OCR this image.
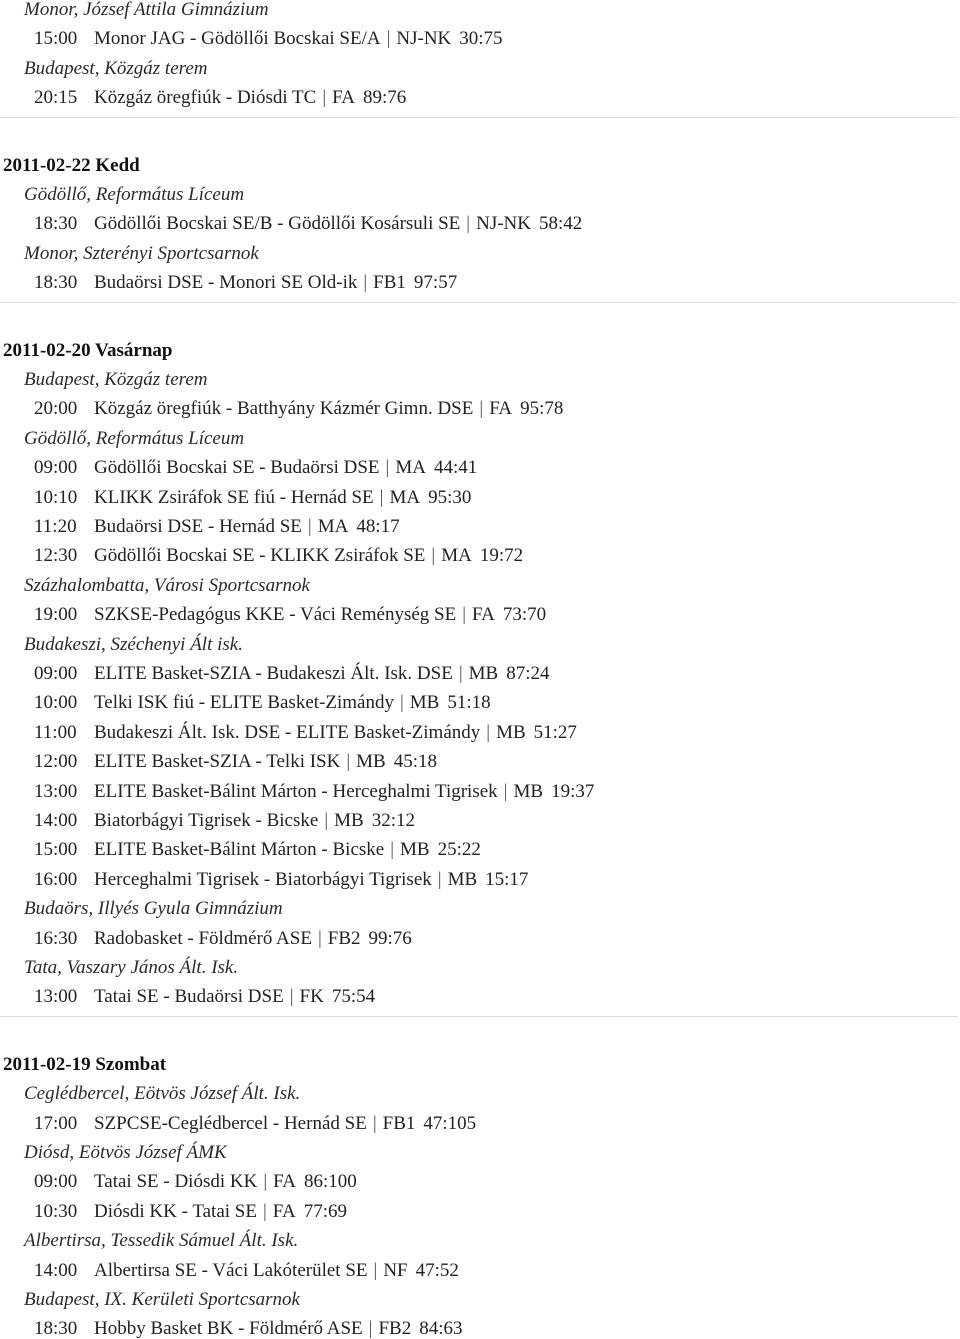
Monor, József Attila Gimnázium
15:00 Monor JAG - Gödöllői Bocskai SE/A | NJ-NK 30:75
Budapest, Közgáz terem
20:15 Közgáz öregfiúk - Diósdi TC | FA 89:76
2011-02-22 Kedd
Gödöllő, Református Líceum
18:30 Gödöllői Bocskai SE/B - Gödöllői Kosársuli SE | NJ-NK 58:42
Monor, Szterényi Sportcsarnok
18:30 Budaörsi DSE - Monori SE Old-ik | FB1 97:57
2011-02-20 Vasárnap
Budapest, Közgáz terem
20:00 Közgáz öregfiúk - Batthyány Kázmér Gimn. DSE | FA 95:78
Gödöllő, Református Líceum
09:00 Gödöllői Bocskai SE - Budaörsi DSE | MA 44:41
10:10 KLIKK Zsiráfok SE fiú - Hernád SE | MA 95:30
11:20 Budaörsi DSE - Hernád SE | MA 48:17
12:30 Gödöllői Bocskai SE - KLIKK Zsiráfok SE | MA 19:72
Százhalombatta, Városi Sportcsarnok
19:00 SZKSE-Pedagógus KKE - Váci Reménység SE | FA 73:70
Budakeszi, Széchenyi Ált isk.
09:00 ELITE Basket-SZIA - Budakeszi Ált. Isk. DSE | MB 87:24
10:00 Telki ISK fiú - ELITE Basket-Zimándy | MB 51:18
11:00 Budakeszi Ált. Isk. DSE - ELITE Basket-Zimándy | MB 51:27
12:00 ELITE Basket-SZIA - Telki ISK | MB 45:18
13:00 ELITE Basket-Bálint Márton - Herceghalmi Tigrisek | MB 19:37
14:00 Biatorbágyi Tigrisek - Bicske | MB 32:12
15:00 ELITE Basket-Bálint Márton - Bicske | MB 25:22
16:00 Herceghalmi Tigrisek - Biatorbágyi Tigrisek | MB 15:17
Budaörs, Illyés Gyula Gimnázium
16:30 Radobasket - Földmérő ASE | FB2 99:76
Tata, Vaszary János Ált. Isk.
13:00 Tatai SE - Budaörsi DSE | FK 75:54
2011-02-19 Szombat
Ceglédbercel, Eötvös József Ált. Isk.
17:00 SZPCSE-Ceglédbercel - Hernád SE | FB1 47:105
Diósd, Eötvös József ÁMK
09:00 Tatai SE - Diósdi KK | FA 86:100
10:30 Diósdi KK - Tatai SE | FA 77:69
Albertirsa, Tessedik Sámuel Ált. Isk.
14:00 Albertirsa SE - Váci Lakóterület SE | NF 47:52
Budapest, IX. Kerületi Sportcsarnok
18:30 Hobby Basket BK - Földmérő ASE | FB2 84:63
